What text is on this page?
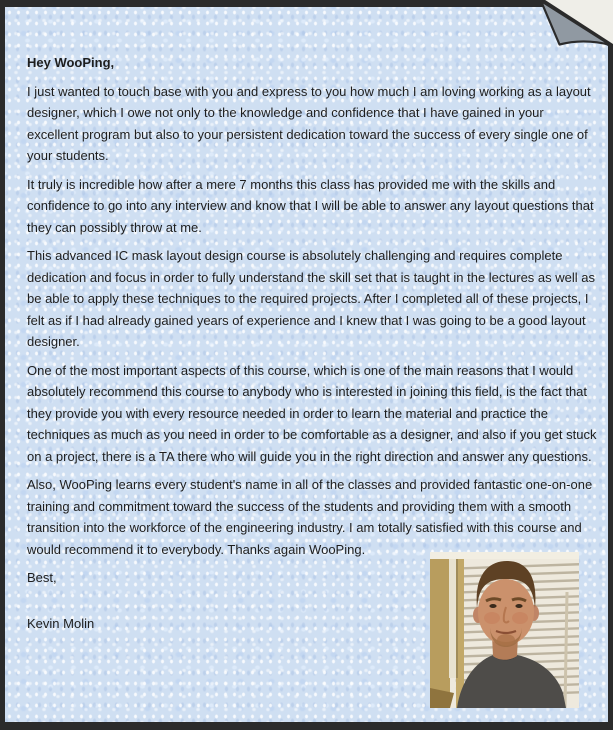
Hey WooPing,

I just wanted to touch base with you and express to you how much I am loving working as a layout designer, which I owe not only to the knowledge and confidence that I have gained in your excellent program but also to your persistent dedication toward the success of every single one of your students.

It truly is incredible how after a mere 7 months this class has provided me with the skills and confidence to go into any interview and know that I will be able to answer any layout questions that they can possibly throw at me.

This advanced IC mask layout design course is absolutely challenging and requires complete dedication and focus in order to fully understand the skill set that is taught in the lectures as well as be able to apply these techniques to the required projects. After I completed all of these projects, I felt as if I had already gained years of experience and I knew that I was going to be a good layout designer.

One of the most important aspects of this course, which is one of the main reasons that I would absolutely recommend this course to anybody who is interested in joining this field, is the fact that they provide you with every resource needed in order to learn the material and practice the techniques as much as you need in order to be comfortable as a designer, and also if you get stuck on a project, there is a TA there who will guide you in the right direction and answer any questions.

Also, WooPing learns every student's name in all of the classes and provided fantastic one-on-one training and commitment toward the success of the students and providing them with a smooth transition into the workforce of the engineering industry. I am totally satisfied with this course and would recommend it to everybody. Thanks again WooPing.

Best,

Kevin Molin
